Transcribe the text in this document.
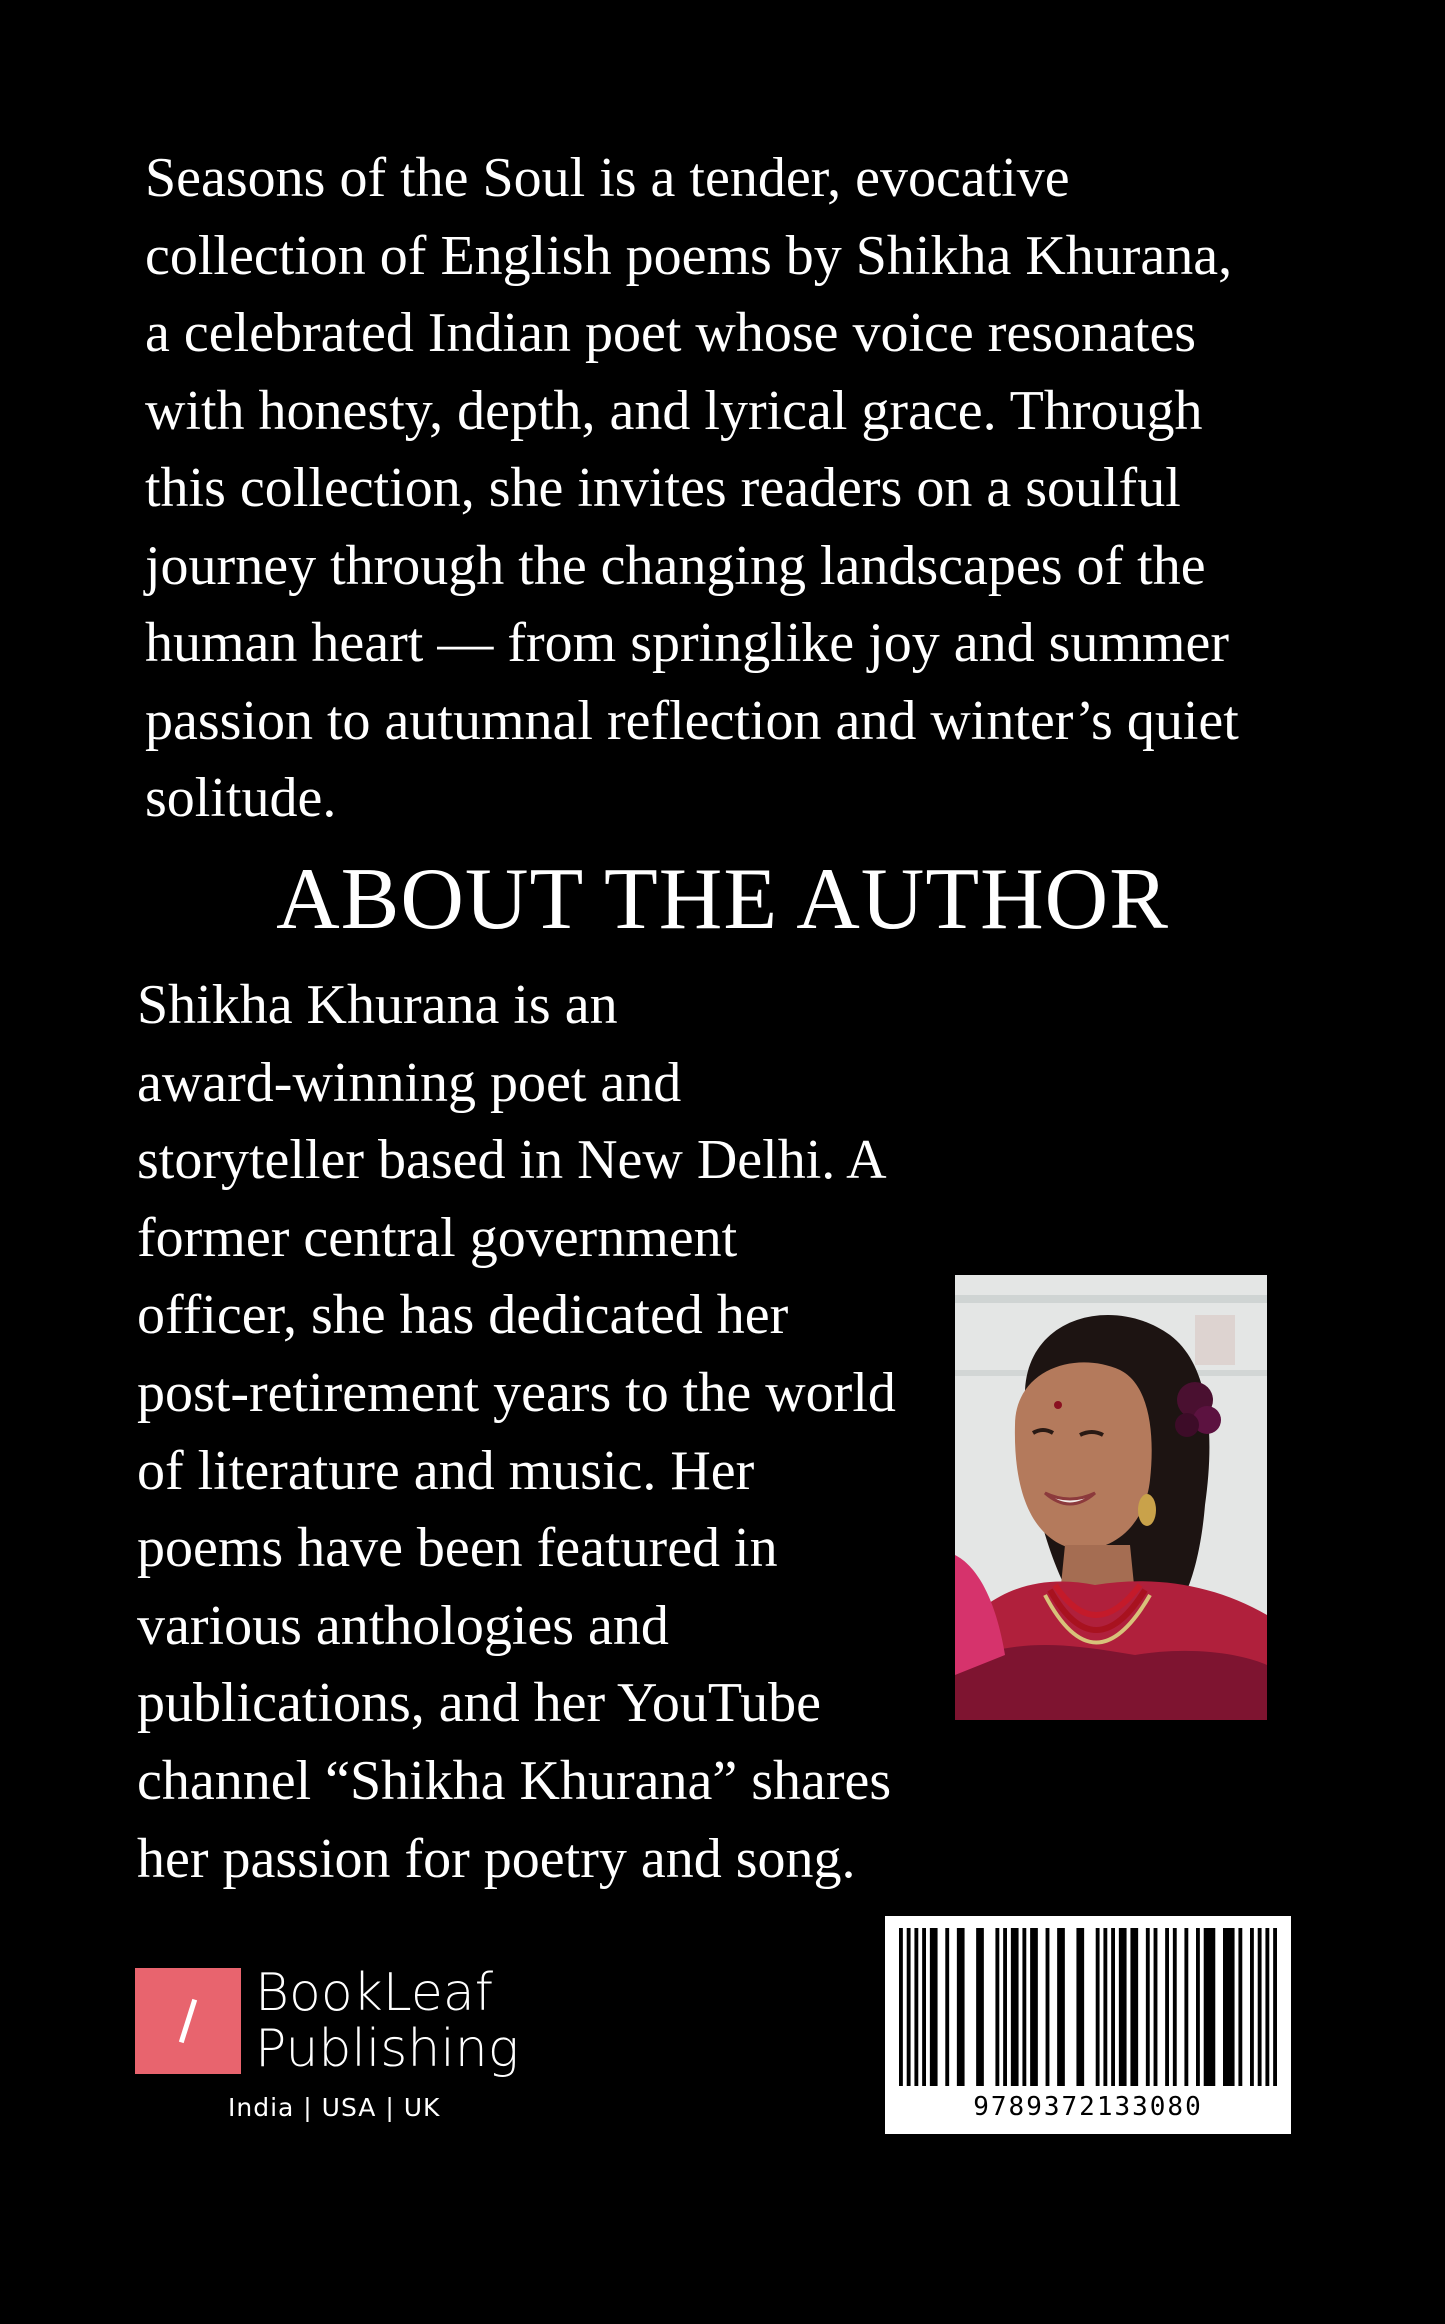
Seasons of the Soul is a tender, evocative
collection of English poems by Shikha Khurana,
a celebrated Indian poet whose voice resonates
with honesty, depth, and lyrical grace. Through
this collection, she invites readers on a soulful
journey through the changing landscapes of the
human heart — from springlike joy and summer
passion to autumnal reflection and winter’s quiet
solitude.
ABOUT THE AUTHOR
Shikha Khurana is an
award-winning poet and
storyteller based in New Delhi. A
former central government
officer, she has dedicated her
post-retirement years to the world
of literature and music. Her
poems have been featured in
various anthologies and
publications, and her YouTube
channel “Shikha Khurana” shares
her passion for poetry and song.
BookLeaf
Publishing
India | USA | UK	9789372133080
